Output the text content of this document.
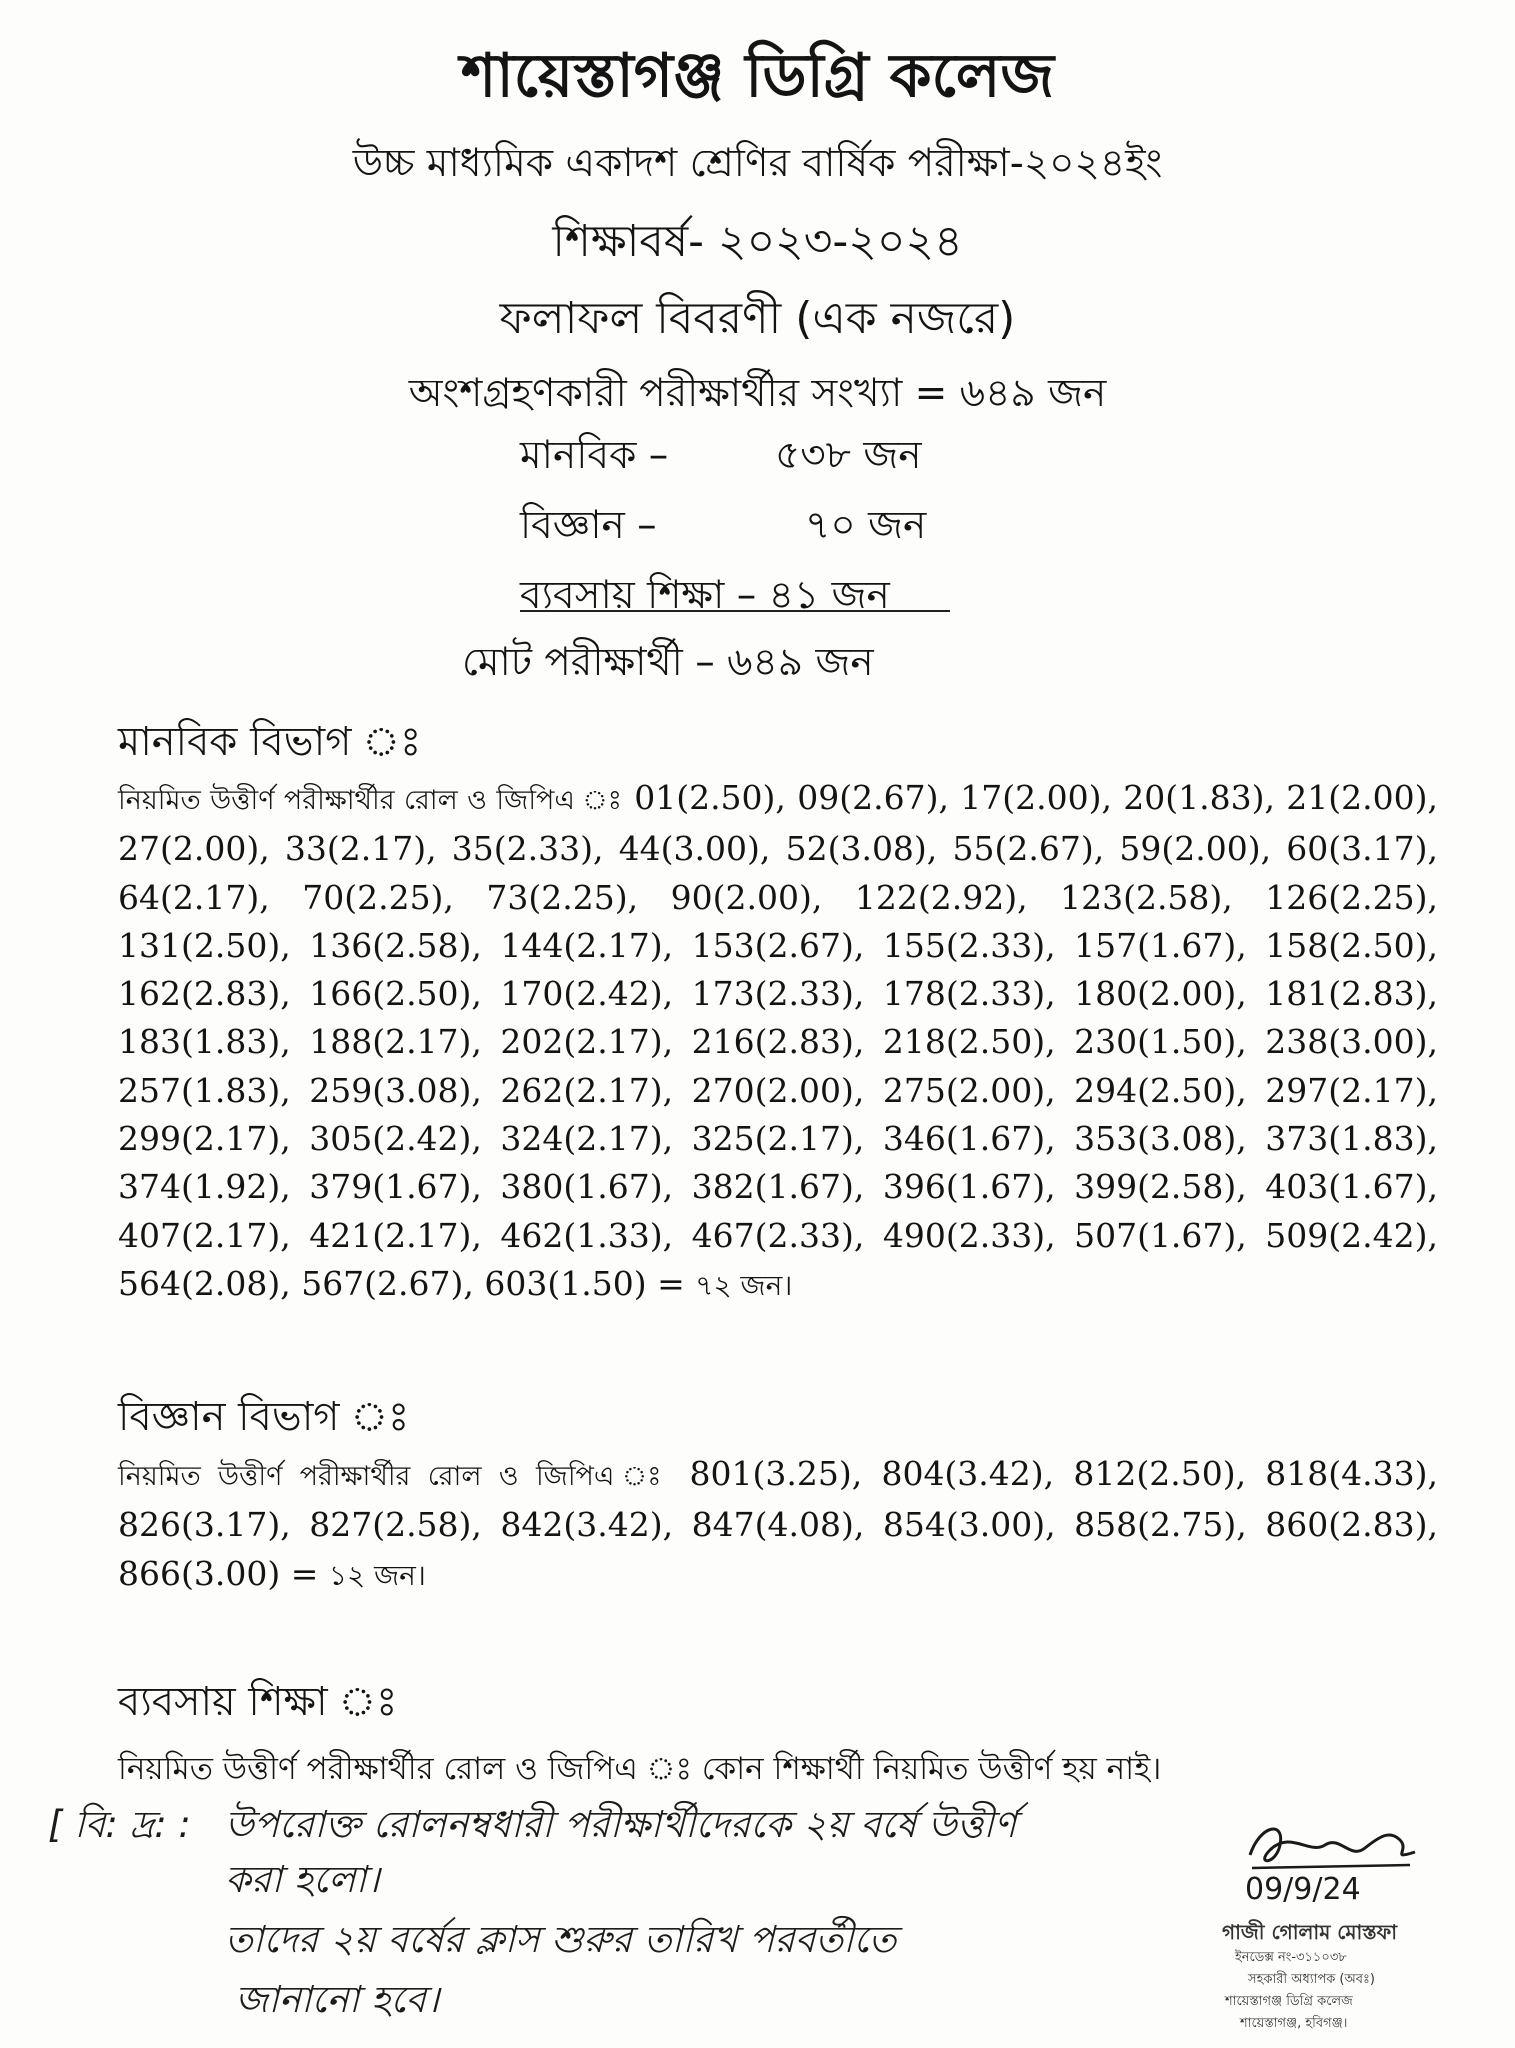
শায়েস্তাগঞ্জ ডিগ্রি কলেজ
উচ্চ মাধ্যমিক একাদশ শ্রেণির বার্ষিক পরীক্ষা-২০২৪ইং
শিক্ষাবর্ষ- ২০২৩-২০২৪
ফলাফল বিবরণী (এক নজরে)
অংশগ্রহণকারী পরীক্ষার্থীর সংখ্যা = ৬৪৯ জন
মানবিক –	৫৩৮ জন
বিজ্ঞান –	৭০ জন
ব্যবসায় শিক্ষা – ৪১ জন
মোট পরীক্ষার্থী – ৬৪৯ জন
মানবিক বিভাগ ঃ
নিয়মিত উত্তীর্ণ পরীক্ষার্থীর রোল ও জিপিএ ঃ 01(2.50), 09(2.67), 17(2.00), 20(1.83), 21(2.00), 27(2.00), 33(2.17), 35(2.33), 44(3.00), 52(3.08), 55(2.67), 59(2.00), 60(3.17), 64(2.17), 70(2.25), 73(2.25), 90(2.00), 122(2.92), 123(2.58), 126(2.25), 131(2.50), 136(2.58), 144(2.17), 153(2.67), 155(2.33), 157(1.67), 158(2.50), 162(2.83), 166(2.50), 170(2.42), 173(2.33), 178(2.33), 180(2.00), 181(2.83), 183(1.83), 188(2.17), 202(2.17), 216(2.83), 218(2.50), 230(1.50), 238(3.00), 257(1.83), 259(3.08), 262(2.17), 270(2.00), 275(2.00), 294(2.50), 297(2.17), 299(2.17), 305(2.42), 324(2.17), 325(2.17), 346(1.67), 353(3.08), 373(1.83), 374(1.92), 379(1.67), 380(1.67), 382(1.67), 396(1.67), 399(2.58), 403(1.67), 407(2.17), 421(2.17), 462(1.33), 467(2.33), 490(2.33), 507(1.67), 509(2.42), 564(2.08), 567(2.67), 603(1.50) = ৭২ জন।
বিজ্ঞান বিভাগ ঃ
নিয়মিত উত্তীর্ণ পরীক্ষার্থীর রোল ও জিপিএ ঃ 801(3.25), 804(3.42), 812(2.50), 818(4.33), 826(3.17), 827(2.58), 842(3.42), 847(4.08), 854(3.00), 858(2.75), 860(2.83), 866(3.00) = ১২ জন।
ব্যবসায় শিক্ষা ঃ
নিয়মিত উত্তীর্ণ পরীক্ষার্থীর রোল ও জিপিএ ঃ কোন শিক্ষার্থী নিয়মিত উত্তীর্ণ হয় নাই।
[ বি: দ্র: : উপরোক্ত রোলনম্বধারী পরীক্ষার্থীদেরকে ২য় বর্ষে উত্তীর্ণ
করা হলো।
তাদের ২য় বর্ষের ক্লাস শুরুর তারিখ পরবর্তীতে
জানানো হবে।
09/9/24
গাজী গোলাম মোস্তফা
ইনডেক্স নং-৩১১০৩৮
সহকারী অধ্যাপক (অবঃ)
শায়েস্তাগঞ্জ ডিগ্রি কলেজ
শায়েস্তাগঞ্জ, হবিগঞ্জ।
